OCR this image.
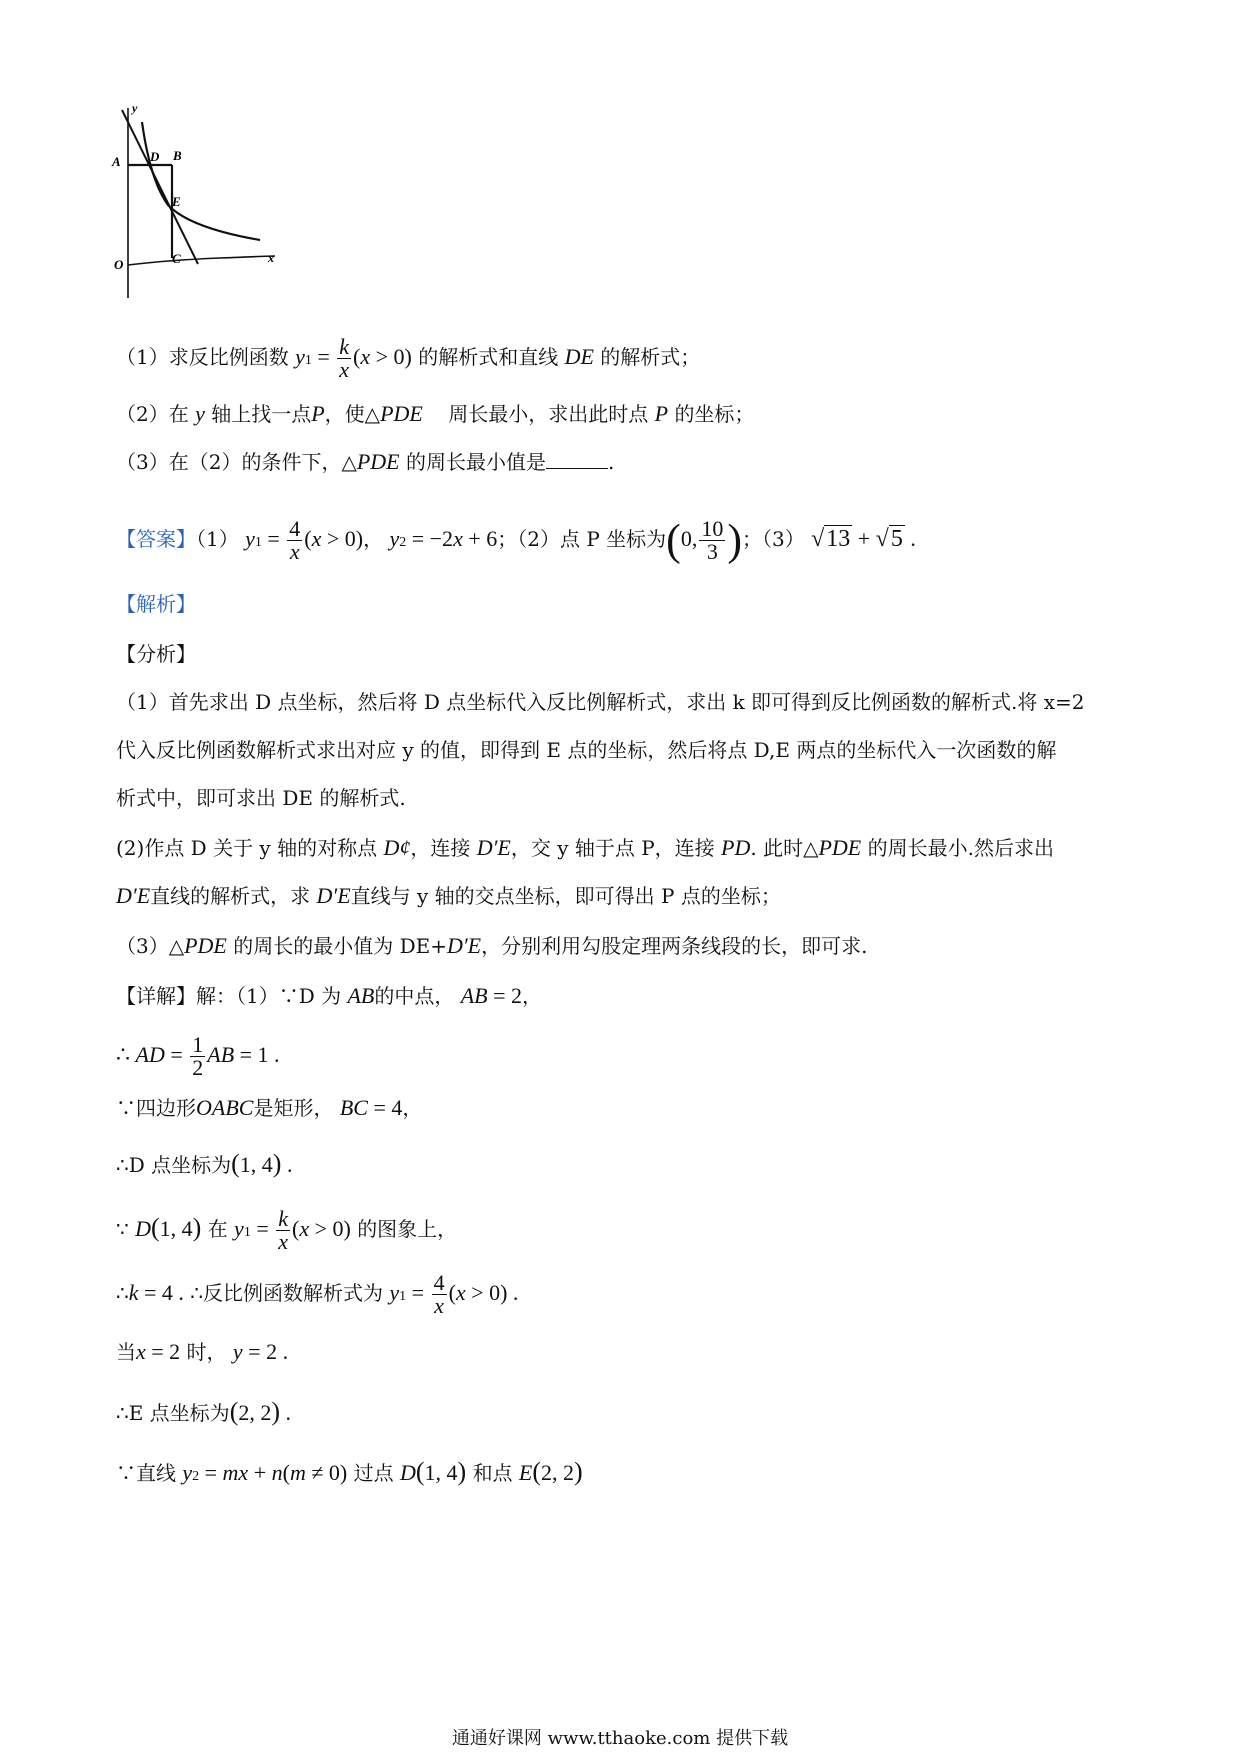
y
A D B
E
O	C	x
（1）求反比例函数 $y1 = \frac{k}{x} (x > 0)$ 的解析式和直线 DE 的解析式；
（2）在 y 轴上找一点P，使△PDE 周长最小，求出此时点 P 的坐标；
（3）在（2）的条件下，△PDE 的周长最小值是	.
【答案】（1） $y1 = \frac{4}{x} (x > 0)$， y2 = −2x + 6；（2）点 P 坐标为(0, $\frac{10}{3}$ )；（3） √13 + √5 .
【解析】
【分析】
（1）首先求出 D 点坐标，然后将 D 点坐标代入反比例解析式，求出 k 即可得到反比例函数的解析式.将 x=2
代入反比例函数解析式求出对应 y 的值，即得到 E 点的坐标，然后将点 D,E 两点的坐标代入一次函数的解
析式中，即可求出 DE 的解析式.
(2)作点 D 关于 y 轴的对称点 D¢，连接 D′E，交 y 轴于点 P，连接 PD. 此时△PDE 的周长最小.然后求出
D′E直线的解析式，求 D′E直线与 y 轴的交点坐标，即可得出 P 点的坐标；
（3）△PDE 的周长的最小值为 DE+D′E，分别利用勾股定理两条线段的长，即可求.
【详解】解：（1）∵D 为 AB的中点， AB = 2，
∴ AD = $\frac{1}{2}$ AB = 1 .
∵四边形OABC是矩形， BC = 4，
∴D 点坐标为(1, 4) .
∵ D(1, 4) 在 $y1 = \frac{k}{x} (x > 0)$ 的图象上，
∴k = 4 . ∴反比例函数解析式为 $y1 = \frac{4}{x} (x > 0)$ .
当x = 2 时， y = 2 .
∴E 点坐标为(2, 2) .
∵直线 y2 = mx + n(m ≠ 0) 过点 D(1, 4) 和点 E(2, 2)
通通好课网 www.tthaoke.com 提供下载
